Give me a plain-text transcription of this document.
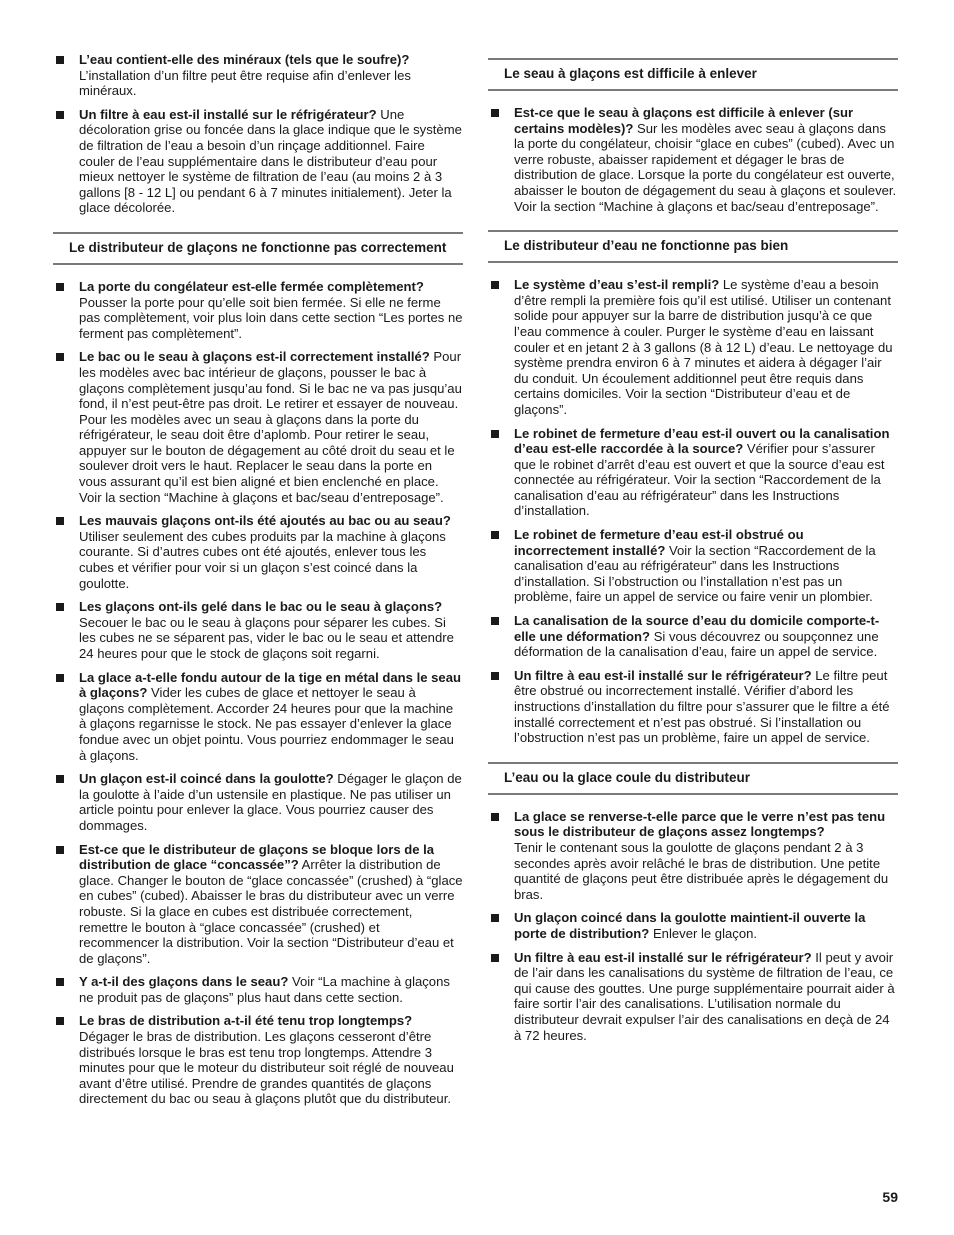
L’eau contient-elle des minéraux (tels que le soufre)?
L’installation d’un filtre peut être requise afin d’enlever les minéraux.
Un filtre à eau est-il installé sur le réfrigérateur? Une décoloration grise ou foncée dans la glace indique que le système de filtration de l’eau a besoin d’un rinçage additionnel. Faire couler de l’eau supplémentaire dans le distributeur d’eau pour mieux nettoyer le système de filtration de l’eau (au moins 2 à 3 gallons [8 - 12 L] ou pendant 6 à 7 minutes initialement). Jeter la glace décolorée.
Le distributeur de glaçons ne fonctionne pas correctement
La porte du congélateur est-elle fermée complètement? Pousser la porte pour qu’elle soit bien fermée. Si elle ne ferme pas complètement, voir plus loin dans cette section “Les portes ne ferment pas complètement”.
Le bac ou le seau à glaçons est-il correctement installé? Pour les modèles avec bac intérieur de glaçons, pousser le bac à glaçons complètement jusqu’au fond. Si le bac ne va pas jusqu’au fond, il n’est peut-être pas droit. Le retirer et essayer de nouveau. Pour les modèles avec un seau à glaçons dans la porte du réfrigérateur, le seau doit être d’aplomb. Pour retirer le seau, appuyer sur le bouton de dégagement au côté droit du seau et le soulever droit vers le haut. Replacer le seau dans la porte en vous assurant qu’il est bien aligné et bien enclenché en place. Voir la section “Machine à glaçons et bac/seau d’entreposage”.
Les mauvais glaçons ont-ils été ajoutés au bac ou au seau? Utiliser seulement des cubes produits par la machine à glaçons courante. Si d’autres cubes ont été ajoutés, enlever tous les cubes et vérifier pour voir si un glaçon s’est coincé dans la goulotte.
Les glaçons ont-ils gelé dans le bac ou le seau à glaçons? Secouer le bac ou le seau à glaçons pour séparer les cubes. Si les cubes ne se séparent pas, vider le bac ou le seau et attendre 24 heures pour que le stock de glaçons soit regarni.
La glace a-t-elle fondu autour de la tige en métal dans le seau à glaçons? Vider les cubes de glace et nettoyer le seau à glaçons complètement. Accorder 24 heures pour que la machine à glaçons regarnisse le stock. Ne pas essayer d’enlever la glace fondue avec un objet pointu. Vous pourriez endommager le seau à glaçons.
Un glaçon est-il coincé dans la goulotte? Dégager le glaçon de la goulotte à l’aide d’un ustensile en plastique. Ne pas utiliser un article pointu pour enlever la glace. Vous pourriez causer des dommages.
Est-ce que le distributeur de glaçons se bloque lors de la distribution de glace “concassée”? Arrêter la distribution de glace. Changer le bouton de “glace concassée” (crushed) à “glace en cubes” (cubed). Abaisser le bras du distributeur avec un verre robuste. Si la glace en cubes est distribuée correctement, remettre le bouton à “glace concassée” (crushed) et recommencer la distribution. Voir la section “Distributeur d’eau et de glaçons”.
Y a-t-il des glaçons dans le seau? Voir “La machine à glaçons ne produit pas de glaçons” plus haut dans cette section.
Le bras de distribution a-t-il été tenu trop longtemps?
Dégager le bras de distribution. Les glaçons cesseront d’être distribués lorsque le bras est tenu trop longtemps. Attendre 3 minutes pour que le moteur du distributeur soit réglé de nouveau avant d’être utilisé. Prendre de grandes quantités de glaçons directement du bac ou seau à glaçons plutôt que du distributeur.
Le seau à glaçons est difficile à enlever
Est-ce que le seau à glaçons est difficile à enlever (sur certains modèles)? Sur les modèles avec seau à glaçons dans la porte du congélateur, choisir “glace en cubes” (cubed). Avec un verre robuste, abaisser rapidement et dégager le bras de distribution de glace. Lorsque la porte du congélateur est ouverte, abaisser le bouton de dégagement du seau à glaçons et soulever. Voir la section “Machine à glaçons et bac/seau d’entreposage”.
Le distributeur d’eau ne fonctionne pas bien
Le système d’eau s’est-il rempli? Le système d’eau a besoin d’être rempli la première fois qu’il est utilisé. Utiliser un contenant solide pour appuyer sur la barre de distribution jusqu’à ce que l’eau commence à couler. Purger le système d’eau en laissant couler et en jetant 2 à 3 gallons (8 à 12 L) d’eau. Le nettoyage du système prendra environ 6 à 7 minutes et aidera à dégager l’air du conduit. Un écoulement additionnel peut être requis dans certains domiciles. Voir la section “Distributeur d’eau et de glaçons”.
Le robinet de fermeture d’eau est-il ouvert ou la canalisation d’eau est-elle raccordée à la source? Vérifier pour s’assurer que le robinet d’arrêt d’eau est ouvert et que la source d’eau est connectée au réfrigérateur. Voir la section “Raccordement de la canalisation d’eau au réfrigérateur” dans les Instructions d’installation.
Le robinet de fermeture d’eau est-il obstrué ou incorrectement installé? Voir la section “Raccordement de la canalisation d’eau au réfrigérateur” dans les Instructions d’installation. Si l’obstruction ou l’installation n’est pas un problème, faire un appel de service ou faire venir un plombier.
La canalisation de la source d’eau du domicile comporte-t-elle une déformation? Si vous découvrez ou soupçonnez une déformation de la canalisation d’eau, faire un appel de service.
Un filtre à eau est-il installé sur le réfrigérateur? Le filtre peut être obstrué ou incorrectement installé. Vérifier d’abord les instructions d’installation du filtre pour s’assurer que le filtre a été installé correctement et n’est pas obstrué. Si l’installation ou l’obstruction n’est pas un problème, faire un appel de service.
L’eau ou la glace coule du distributeur
La glace se renverse-t-elle parce que le verre n’est pas tenu sous le distributeur de glaçons assez longtemps?
Tenir le contenant sous la goulotte de glaçons pendant 2 à 3 secondes après avoir relâché le bras de distribution. Une petite quantité de glaçons peut être distribuée après le dégagement du bras.
Un glaçon coincé dans la goulotte maintient-il ouverte la porte de distribution? Enlever le glaçon.
Un filtre à eau est-il installé sur le réfrigérateur? Il peut y avoir de l’air dans les canalisations du système de filtration de l’eau, ce qui cause des gouttes. Une purge supplémentaire pourrait aider à faire sortir l’air des canalisations. L’utilisation normale du distributeur devrait expulser l’air des canalisations en deçà de 24 à 72 heures.
59
